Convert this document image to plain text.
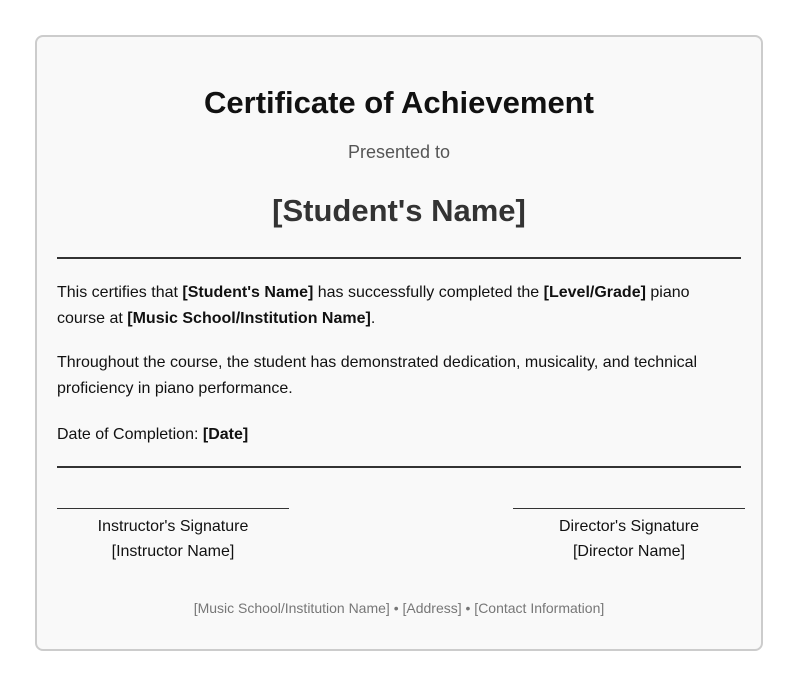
Certificate of Achievement
Presented to
[Student's Name]
This certifies that [Student's Name] has successfully completed the [Level/Grade] piano course at [Music School/Institution Name].
Throughout the course, the student has demonstrated dedication, musicality, and technical proficiency in piano performance.
Date of Completion: [Date]
Instructor's Signature
[Instructor Name]
Director's Signature
[Director Name]
[Music School/Institution Name] • [Address] • [Contact Information]
